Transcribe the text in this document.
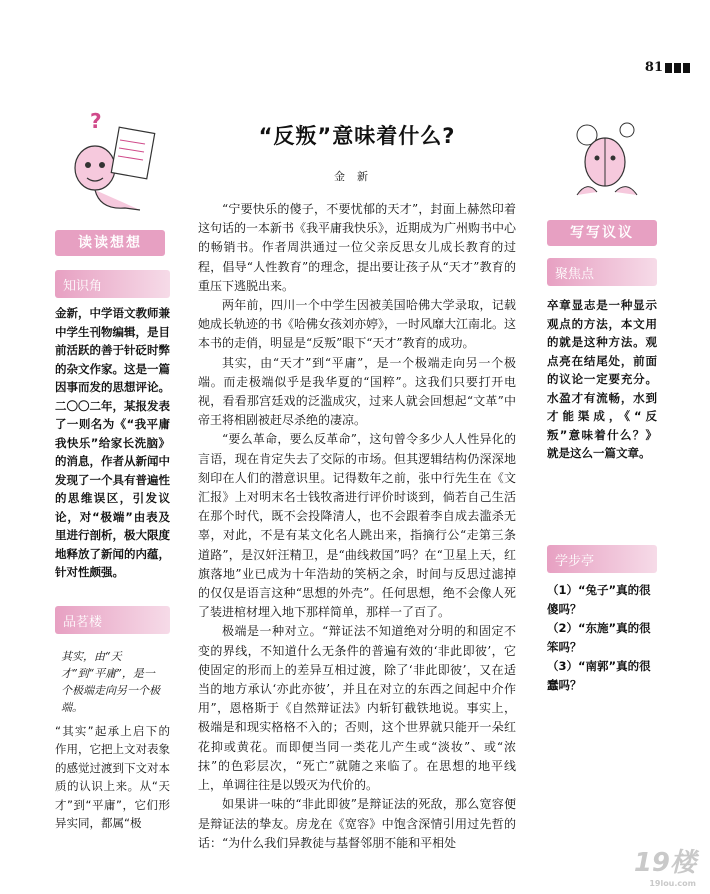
81
?
读读想想
知识角
金新，中学语文教师兼中学生刊物编辑，是目前活跃的善于针砭时弊的杂文作家。这是一篇因事而发的思想评论。二〇〇二年，某报发表了一则名为《“我平庸我快乐”给家长洗脑》的消息，作者从新闻中发现了一个具有普遍性的思维误区，引发议论，对“极端”由表及里进行剖析，极大限度地释放了新闻的内蕴，针对性颇强。
品茗楼
其实，由“天才”到“平庸”，是一个极端走向另一个极端。
“其实”起承上启下的作用，它把上文对表象的感觉过渡到下文对本质的认识上来。从“天才”到“平庸”，它们形异实同，都属“极
“反叛”意味着什么?
金新

“宁要快乐的傻子，不要忧郁的天才”，封面上赫然印着这句话的一本新书《我平庸我快乐》，近期成为广州购书中心的畅销书。作者周洪通过一位父亲反思女儿成长教育的过程，倡导“人性教育”的理念，提出要让孩子从“天才”教育的重压下逃脱出来。

两年前，四川一个中学生因被美国哈佛大学录取，记载她成长轨迹的书《哈佛女孩刘亦婷》，一时风靡大江南北。这本书的走俏，明显是“反叛”眼下“天才”教育的成功。

其实，由“天才”到“平庸”，是一个极端走向另一个极端。而走极端似乎是我华夏的“国粹”。这我们只要打开电视，看看那宫廷戏的泛滥成灾，过来人就会回想起“文革”中帝王将相剧被赶尽杀绝的凄凉。

“要么革命，要么反革命”，这句曾令多少人人性异化的言语，现在肯定失去了交际的市场。但其逻辑结构仍深深地刻印在人们的潜意识里。记得数年之前，张中行先生在《文汇报》上对明末名士钱牧斋进行评价时谈到，倘若自己生活在那个时代，既不会投降清人，也不会跟着李自成去滥杀无辜，对此，不是有某文化名人跳出来，指摘行公“走第三条道路”，是汉奸汪精卫，是“曲线救国”吗？在“卫星上天，红旗落地”业已成为十年浩劫的笑柄之余，时间与反思过滤掉的仅仅是语言这种“思想的外壳”。任何思想，绝不会像人死了装进棺材埋入地下那样简单，那样一了百了。

极端是一种对立。“辩证法不知道绝对分明的和固定不变的界线，不知道什么无条件的普遍有效的‘非此即彼’，它使固定的形而上的差异互相过渡，除了‘非此即彼’，又在适当的地方承认‘亦此亦彼’，并且在对立的东西之间起中介作用”，恩格斯于《自然辩证法》内斩钉截铁地说。事实上，极端是和现实格格不入的；否则，这个世界就只能开一朵红花抑或黄花。而即便当同一类花儿产生或“淡妆”、或“浓抹”的色彩层次，“死亡”就随之来临了。在思想的地平线上，单调往往是以毁灭为代价的。

如果讲一味的“非此即彼”是辩证法的死敌，那么宽容便是辩证法的挚友。房龙在《宽容》中饱含深情引用过先哲的话：“为什么我们异教徒与基督邻朋不能和平相处

写写议议
聚焦点
卒章显志是一种显示观点的方法，本文用的就是这种方法。观点亮在结尾处，前面的议论一定要充分。水盈才有流畅，水到才能渠成，《“反叛”意味着什么？》就是这么一篇文章。
学步亭
（1）“兔子”真的很傻吗？
（2）“东施”真的很笨吗？
（3）“南郭”真的很蠢吗？
19楼
19lou.com
